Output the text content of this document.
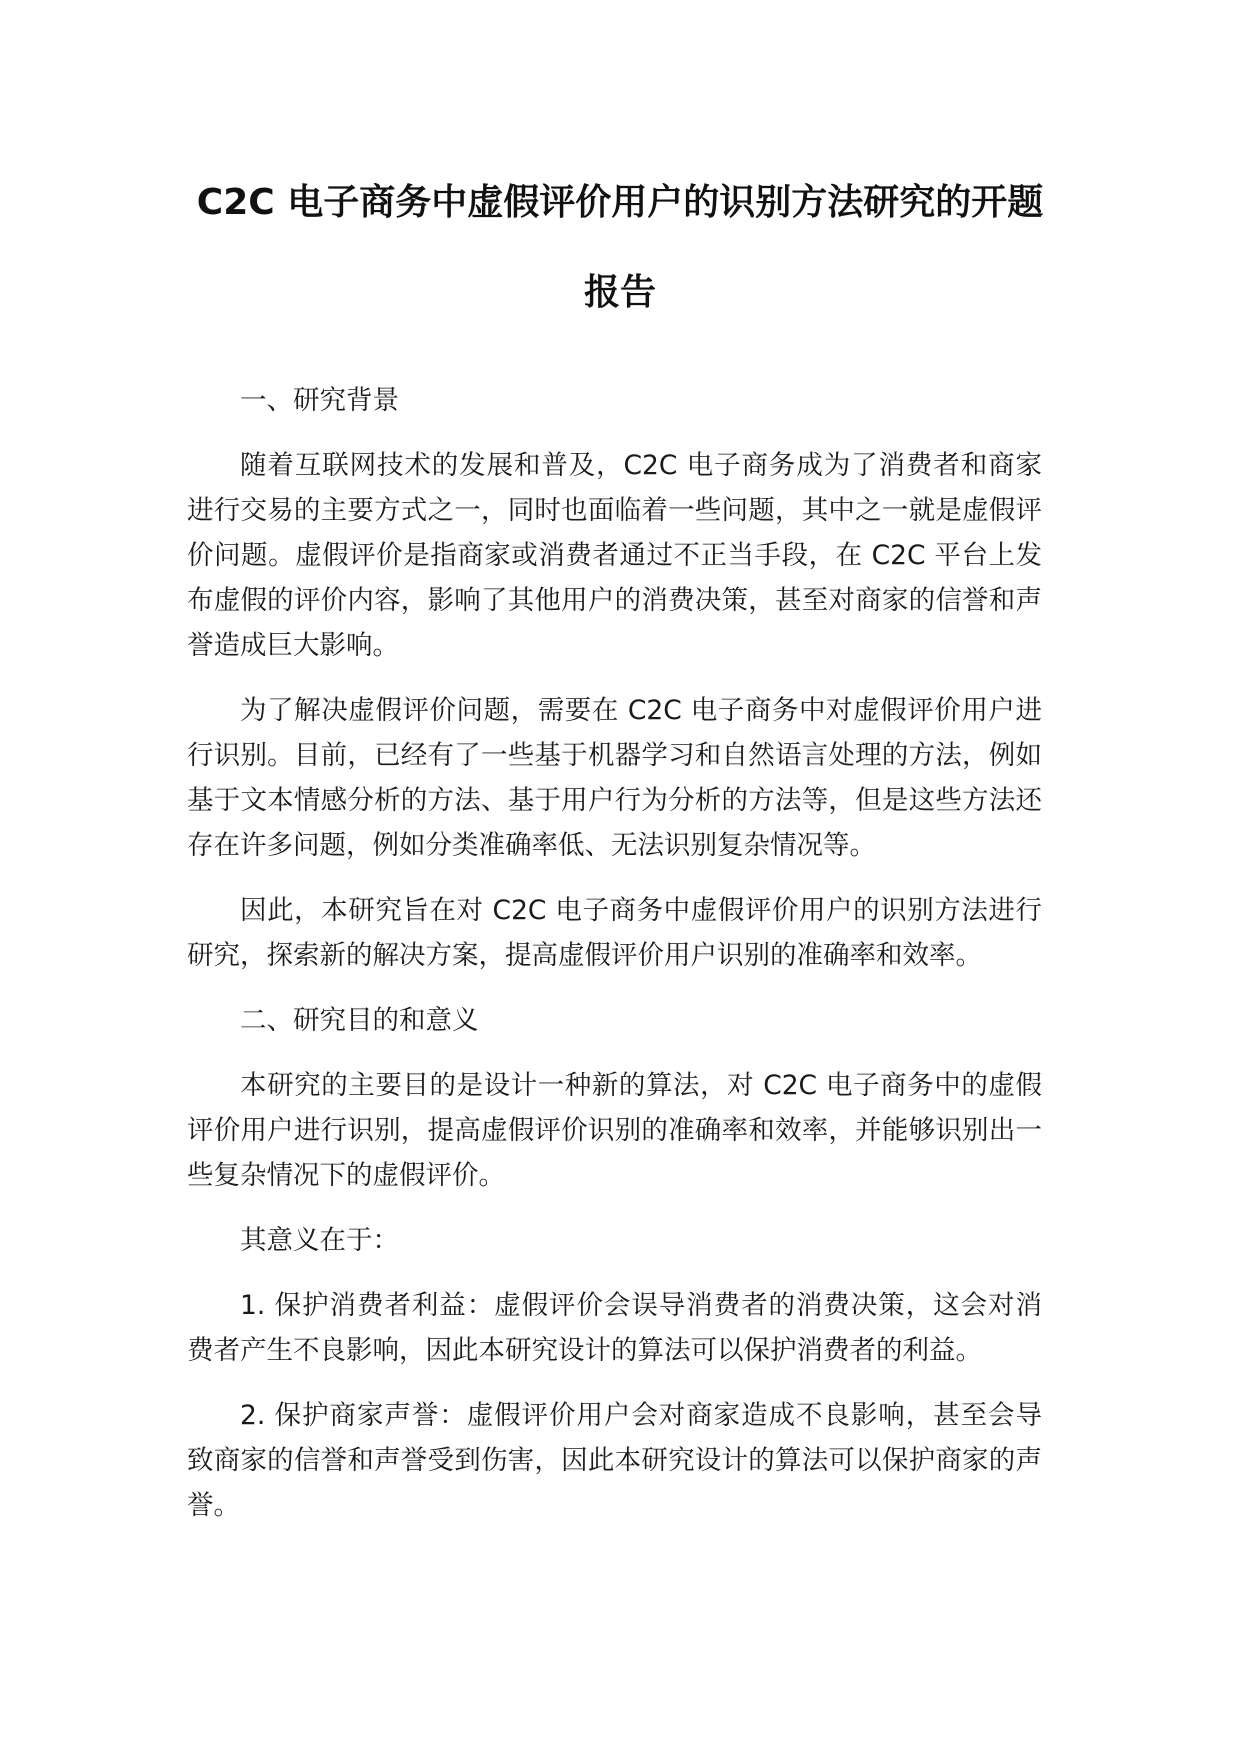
C2C 电子商务中虚假评价用户的识别方法研究的开题报告

一、研究背景

随着互联网技术的发展和普及，C2C 电子商务成为了消费者和商家进行交易的主要方式之一，同时也面临着一些问题，其中之一就是虚假评价问题。虚假评价是指商家或消费者通过不正当手段，在 C2C 平台上发布虚假的评价内容，影响了其他用户的消费决策，甚至对商家的信誉和声誉造成巨大影响。

为了解决虚假评价问题，需要在 C2C 电子商务中对虚假评价用户进行识别。目前，已经有了一些基于机器学习和自然语言处理的方法，例如基于文本情感分析的方法、基于用户行为分析的方法等，但是这些方法还存在许多问题，例如分类准确率低、无法识别复杂情况等。

因此，本研究旨在对 C2C 电子商务中虚假评价用户的识别方法进行研究，探索新的解决方案，提高虚假评价用户识别的准确率和效率。

二、研究目的和意义

本研究的主要目的是设计一种新的算法，对 C2C 电子商务中的虚假评价用户进行识别，提高虚假评价识别的准确率和效率，并能够识别出一些复杂情况下的虚假评价。

其意义在于：

1. 保护消费者利益：虚假评价会误导消费者的消费决策，这会对消费者产生不良影响，因此本研究设计的算法可以保护消费者的利益。

2. 保护商家声誉：虚假评价用户会对商家造成不良影响，甚至会导致商家的信誉和声誉受到伤害，因此本研究设计的算法可以保护商家的声誉。
